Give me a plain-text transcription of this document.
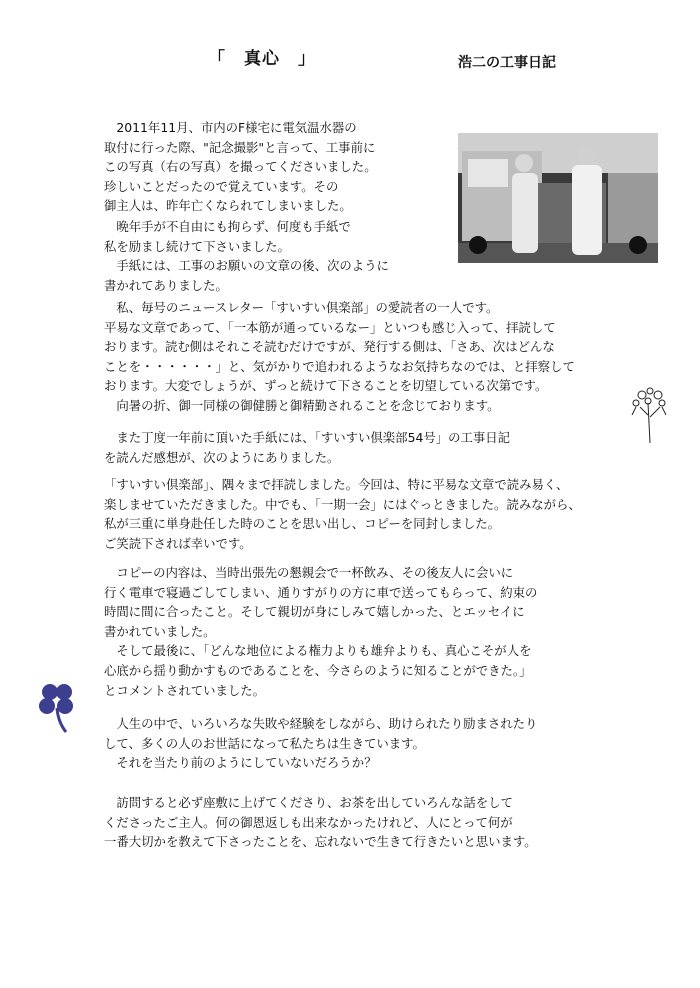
「　真心　」	浩二の工事日記
　2011年11月、市内のF様宅に電気温水器の
取付に行った際、"記念撮影"と言って、工事前に
この写真（右の写真）を撮ってくださいました。
珍しいことだったので覚えています。その
御主人は、昨年亡くなられてしまいました。
　晩年手が不自由にも拘らず、何度も手紙で
私を励まし続けて下さいました。
　手紙には、工事のお願いの文章の後、次のように
書かれてありました。
　私、毎号のニュースレター「すいすい倶楽部」の愛読者の一人です。
平易な文章であって、「一本筋が通っているなー」といつも感じ入って、拝読して
おります。読む側はそれこそ読むだけですが、発行する側は、「さあ、次はどんな
ことを・・・・・・」と、気がかりで追われるようなお気持ちなのでは、と拝察して
おります。大変でしょうが、ずっと続けて下さることを切望している次第です。
　向暑の折、御一同様の御健勝と御精勤されることを念じております。
　また丁度一年前に頂いた手紙には、「すいすい倶楽部54号」の工事日記
を読んだ感想が、次のようにありました。
「すいすい倶楽部」、隅々まで拝読しました。今回は、特に平易な文章で読み易く、
楽しませていただきました。中でも、「一期一会」にはぐっときました。読みながら、
私が三重に単身赴任した時のことを思い出し、コピーを同封しました。
ご笑読下されば幸いです。
　コピーの内容は、当時出張先の懇親会で一杯飲み、その後友人に会いに
行く電車で寝過ごしてしまい、通りすがりの方に車で送ってもらって、約束の
時間に間に合ったこと。そして親切が身にしみて嬉しかった、とエッセイに
書かれていました。
　そして最後に、「どんな地位による権力よりも雄弁よりも、真心こそが人を
心底から揺り動かすものであることを、今さらのように知ることができた。」
とコメントされていました。
　人生の中で、いろいろな失敗や経験をしながら、助けられたり励まされたり
して、多くの人のお世話になって私たちは生きています。
　それを当たり前のようにしていないだろうか？
　訪問すると必ず座敷に上げてくださり、お茶を出していろんな話をして
くださったご主人。何の御恩返しも出来なかったけれど、人にとって何が
一番大切かを教えて下さったことを、忘れないで生きて行きたいと思います。
